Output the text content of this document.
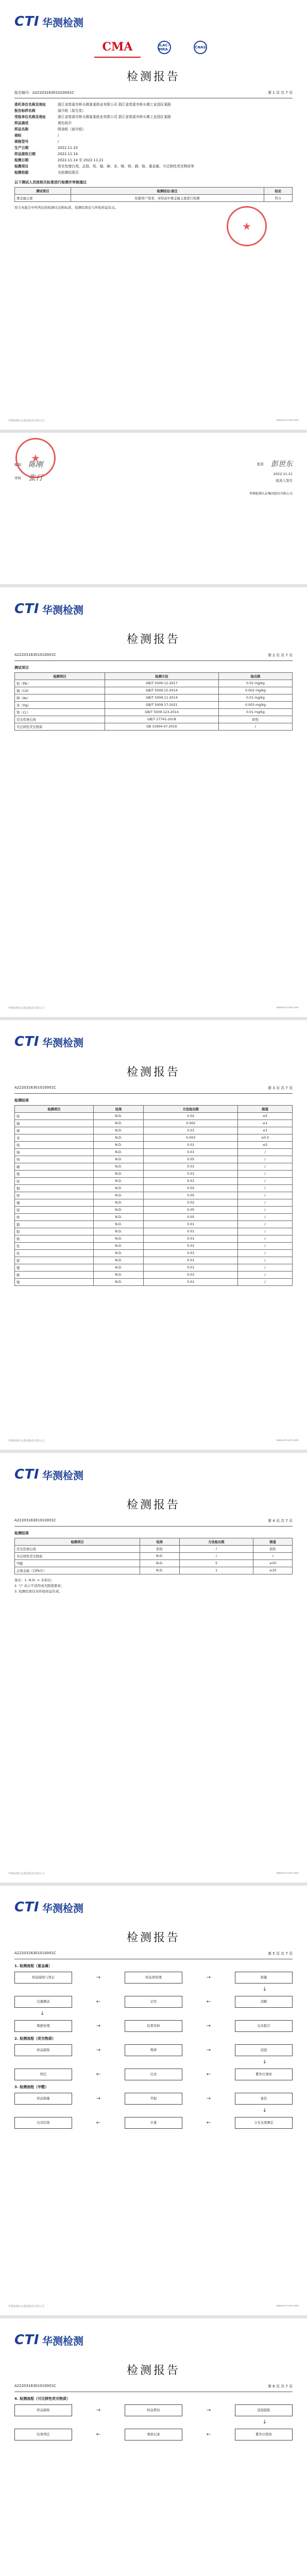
CTI 华测检测
CMA	ILAC-MRA	CNAS
检测报告
报告编号：A2220316301010001C	第 1 页 共 7 页
委托单位名称及地址	浙江省慈溪市桥头镇某某纸业有限公司 浙江省慈溪市桥头镇工业园区某路
报告标样名称	面巾纸（原生浆）
受检单位名称及地址	浙江省慈溪市桥头镇某某纸业有限公司 浙江省慈溪市桥头镇工业园区某路
样品描述	黄色纸巾
样品名称	吸油纸（面巾纸）
商标	/
规格型号	/
生产日期	2022.11.10
样品接收日期	2022.11.14
检测日期	2022.11.14 至 2022.11.21
检测项目	荧光性增白剂、总铬、铅、镉、砷、汞、锑、钡、硒、铬、重金属、可迁移性荧光物质等
检测依据	见检测结果页
以下测试人员按相关标准进行检测并审核通过
测试项目	检测结论/备注	结论
重金属元素	依据客户需求，对样品中重金属元素进行检测	符合
符合本报告中所列出的检测方法和标准，检测结果仅与所检样品有关。
★
华测检测认证集团股份有限公司	www.cti-cert.com
编制 陈刚
审核 张行
批准 彭世东
2022.11.21
批准人签名
华测检测认证集团股份有限公司
★
CTI 华测检测
检测报告
A2220316301010001C	第 2 页 共 7 页
测试项目
检测项目	检测方法	检出限
铅（Pb）	GB/T 5009.12-2017	0.02 mg/kg
镉（Cd）	GB/T 5009.15-2014	0.002 mg/kg
砷（As）	GB/T 5009.11-2014	0.01 mg/kg
汞（Hg）	GB/T 5009.17-2021	0.003 mg/kg
铬（Cr）	GB/T 5009.123-2014	0.01 mg/kg
荧光性增白剂	GB/T 27741-2018	阴性
可迁移性荧光物质	GB 31604.47-2016	/
华测检测认证集团股份有限公司	www.cti-cert.com
CTI 华测检测
检测报告
A2220316301010001C	第 3 页 共 7 页
检测结果
检测项目	结果	方法检出限	限值
铅	N.D.	0.02	≤5
镉	N.D.	0.002	≤1
砷	N.D.	0.01	≤1
汞	N.D.	0.003	≤0.5
铬	N.D.	0.01	≤5
锑	N.D.	0.01	/
钡	N.D.	0.05	/
硒	N.D.	0.01	/
镍	N.D.	0.01	/
钴	N.D.	0.01	/
铜	N.D.	0.02	/
锌	N.D.	0.05	/
锡	N.D.	0.02	/
铝	N.D.	0.05	/
铁	N.D.	0.05	/
锰	N.D.	0.01	/
钼	N.D.	0.01	/
钒	N.D.	0.01	/
钛	N.D.	0.01	/
铊	N.D.	0.01	/
银	N.D.	0.01	/
锶	N.D.	0.01	/
铍	N.D.	0.01	/
锂	N.D.	0.01	/
华测检测认证集团股份有限公司	www.cti-cert.com
CTI 华测检测
检测报告
A2220316301010001C	第 4 页 共 7 页
检测结果
检测项目	结果	方法检出限	限值
荧光性增白剂	阴性	/	阴性
可迁移性荧光物质	N.D.	/	/
甲醛	N.D.	5	≤20
总重金属（以Pb计）	N.D.	1	≤10
备注：1. N.D. = 未检出；
2. "/" 表示不适用或无限值要求；
3. 检测结果仅对所检样品负责。
华测检测认证集团股份有限公司	www.cti-cert.com
CTI 华测检测
检测报告
A2220316301010001C	第 5 页 共 7 页
1. 检测流程（重金属）
样品接收与登记	→	样品预处理	→	称量
↓
仪器测试	←	定容	←	消解
↓
数据处理	→	结果审核	→	出具报告
2. 检测流程（荧光物质）
样品接收	→	剪碎	→	浸泡
↓
判定	←	比对	←	紫外灯观察
3. 检测流程（甲醛）
样品称量	→	萃取	→	显色
↓
出具结果	←	计算	←	分光光度测定
华测检测认证集团股份有限公司	www.cti-cert.com
CTI 华测检测
检测报告
A2220316301010001C	第 6 页 共 7 页
4. 检测流程（可迁移性荧光物质）
样品接收	→	样品剪切	→	浸泡提取
↓
结果判定	←	观察记录	←	紫外灯照射
